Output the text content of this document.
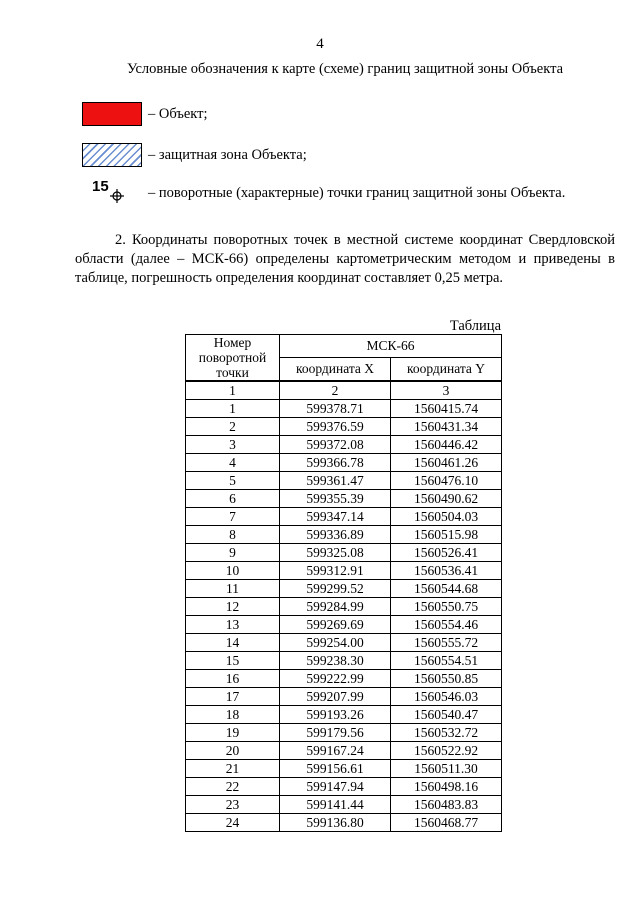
4
Условные обозначения к карте (схеме) границ защитной зоны Объекта
– Объект;
– защитная зона Объекта;
15	– поворотные (характерные) точки границ защитной зоны Объекта.
2. Координаты поворотных точек в местной системе координат Свердловской области (далее – МСК-66) определены картометрическим методом и приведены в таблице, погрешность определения координат составляет 0,25 метра.
Таблица
Номер поворотной точки	МСК-66	
	координата X	координата Y
1	2	3
1	599378.71	1560415.74
2	599376.59	1560431.34
3	599372.08	1560446.42
4	599366.78	1560461.26
5	599361.47	1560476.10
6	599355.39	1560490.62
7	599347.14	1560504.03
8	599336.89	1560515.98
9	599325.08	1560526.41
10	599312.91	1560536.41
11	599299.52	1560544.68
12	599284.99	1560550.75
13	599269.69	1560554.46
14	599254.00	1560555.72
15	599238.30	1560554.51
16	599222.99	1560550.85
17	599207.99	1560546.03
18	599193.26	1560540.47
19	599179.56	1560532.72
20	599167.24	1560522.92
21	599156.61	1560511.30
22	599147.94	1560498.16
23	599141.44	1560483.83
24	599136.80	1560468.77
